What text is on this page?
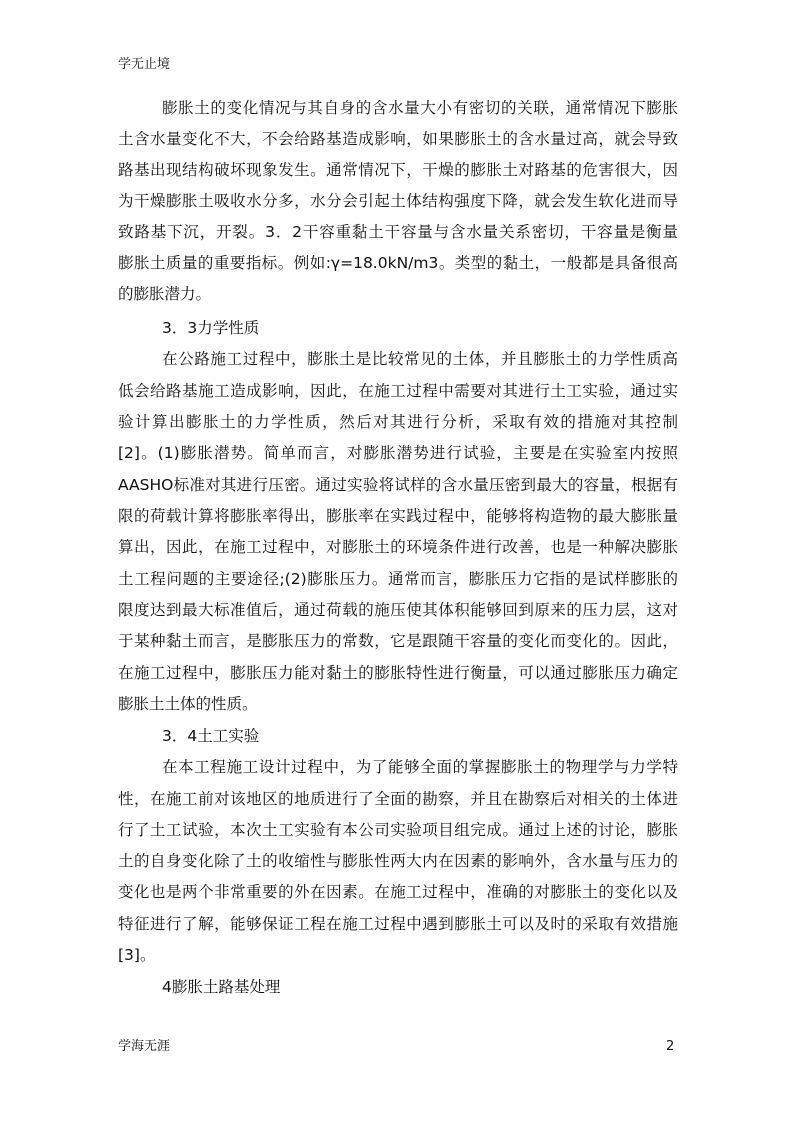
学无止境
膨胀土的变化情况与其自身的含水量大小有密切的关联，通常情况下膨胀
土含水量变化不大，不会给路基造成影响，如果膨胀土的含水量过高，就会导致
路基出现结构破坏现象发生。通常情况下，干燥的膨胀土对路基的危害很大，因
为干燥膨胀土吸收水分多，水分会引起土体结构强度下降，就会发生软化进而导
致路基下沉，开裂。3．2干容重黏土干容量与含水量关系密切，干容量是衡量
膨胀土质量的重要指标。例如:γ=18.0kN/m3。类型的黏土，一般都是具备很高
的膨胀潜力。
3．3力学性质
在公路施工过程中，膨胀土是比较常见的土体，并且膨胀土的力学性质高
低会给路基施工造成影响，因此，在施工过程中需要对其进行土工实验，通过实
验计算出膨胀土的力学性质，然后对其进行分析，采取有效的措施对其控制
[2]。(1)膨胀潜势。简单而言，对膨胀潜势进行试验，主要是在实验室内按照
AASHO标准对其进行压密。通过实验将试样的含水量压密到最大的容量，根据有
限的荷载计算将膨胀率得出，膨胀率在实践过程中，能够将构造物的最大膨胀量
算出，因此，在施工过程中，对膨胀土的环境条件进行改善，也是一种解决膨胀
土工程问题的主要途径;(2)膨胀压力。通常而言，膨胀压力它指的是试样膨胀的
限度达到最大标准值后，通过荷载的施压使其体积能够回到原来的压力层，这对
于某种黏土而言，是膨胀压力的常数，它是跟随干容量的变化而变化的。因此，
在施工过程中，膨胀压力能对黏土的膨胀特性进行衡量，可以通过膨胀压力确定
膨胀土土体的性质。
3．4土工实验
在本工程施工设计过程中，为了能够全面的掌握膨胀土的物理学与力学特
性，在施工前对该地区的地质进行了全面的勘察，并且在勘察后对相关的土体进
行了土工试验，本次土工实验有本公司实验项目组完成。通过上述的讨论，膨胀
土的自身变化除了土的收缩性与膨胀性两大内在因素的影响外，含水量与压力的
变化也是两个非常重要的外在因素。在施工过程中，准确的对膨胀土的变化以及
特征进行了解，能够保证工程在施工过程中遇到膨胀土可以及时的采取有效措施
[3]。
4膨胀土路基处理
学海无涯	2
